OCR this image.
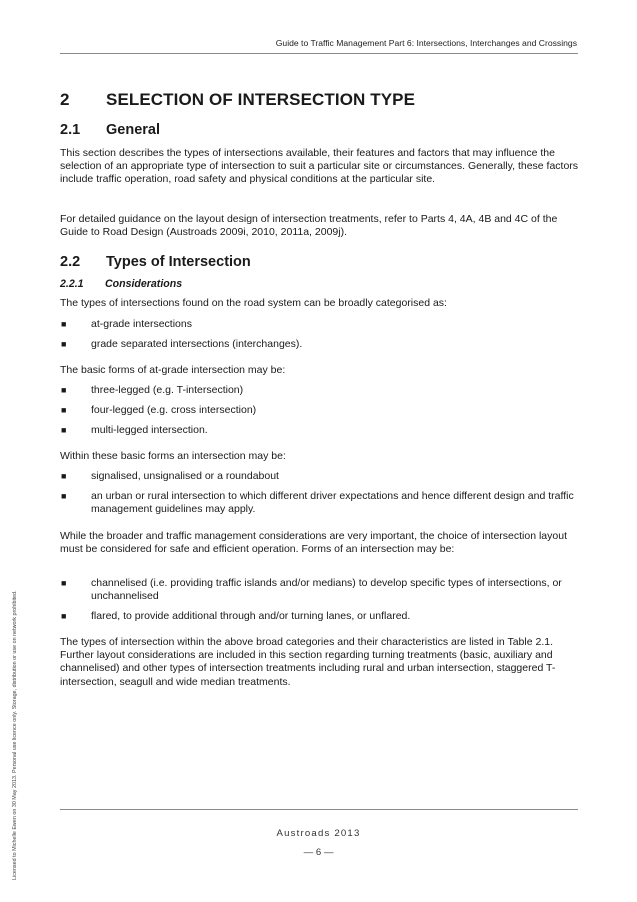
Guide to Traffic Management Part 6: Intersections, Interchanges and Crossings
2 SELECTION OF INTERSECTION TYPE
2.1 General
This section describes the types of intersections available, their features and factors that may influence the selection of an appropriate type of intersection to suit a particular site or circumstances. Generally, these factors include traffic operation, road safety and physical conditions at the particular site.
For detailed guidance on the layout design of intersection treatments, refer to Parts 4, 4A, 4B and 4C of the Guide to Road Design (Austroads 2009i, 2010, 2011a, 2009j).
2.2 Types of Intersection
2.2.1 Considerations
The types of intersections found on the road system can be broadly categorised as:
■ at-grade intersections
■ grade separated intersections (interchanges).
The basic forms of at-grade intersection may be:
■ three-legged (e.g. T-intersection)
■ four-legged (e.g. cross intersection)
■ multi-legged intersection.
Within these basic forms an intersection may be:
■ signalised, unsignalised or a roundabout
■ an urban or rural intersection to which different driver expectations and hence different design and traffic management guidelines may apply.
While the broader and traffic management considerations are very important, the choice of intersection layout must be considered for safe and efficient operation. Forms of an intersection may be:
■ channelised (i.e. providing traffic islands and/or medians) to develop specific types of intersections, or unchannelised
■ flared, to provide additional through and/or turning lanes, or unflared.
The types of intersection within the above broad categories and their characteristics are listed in Table 2.1. Further layout considerations are included in this section regarding turning treatments (basic, auxiliary and channelised) and other types of intersection treatments including rural and urban intersection, staggered T-intersection, seagull and wide median treatments.
Austroads 2013
— 6 —
Licensed to Michelle Ewen on 30 May 2013. Personal use licence only. Storage, distribution or use on network prohibited.
